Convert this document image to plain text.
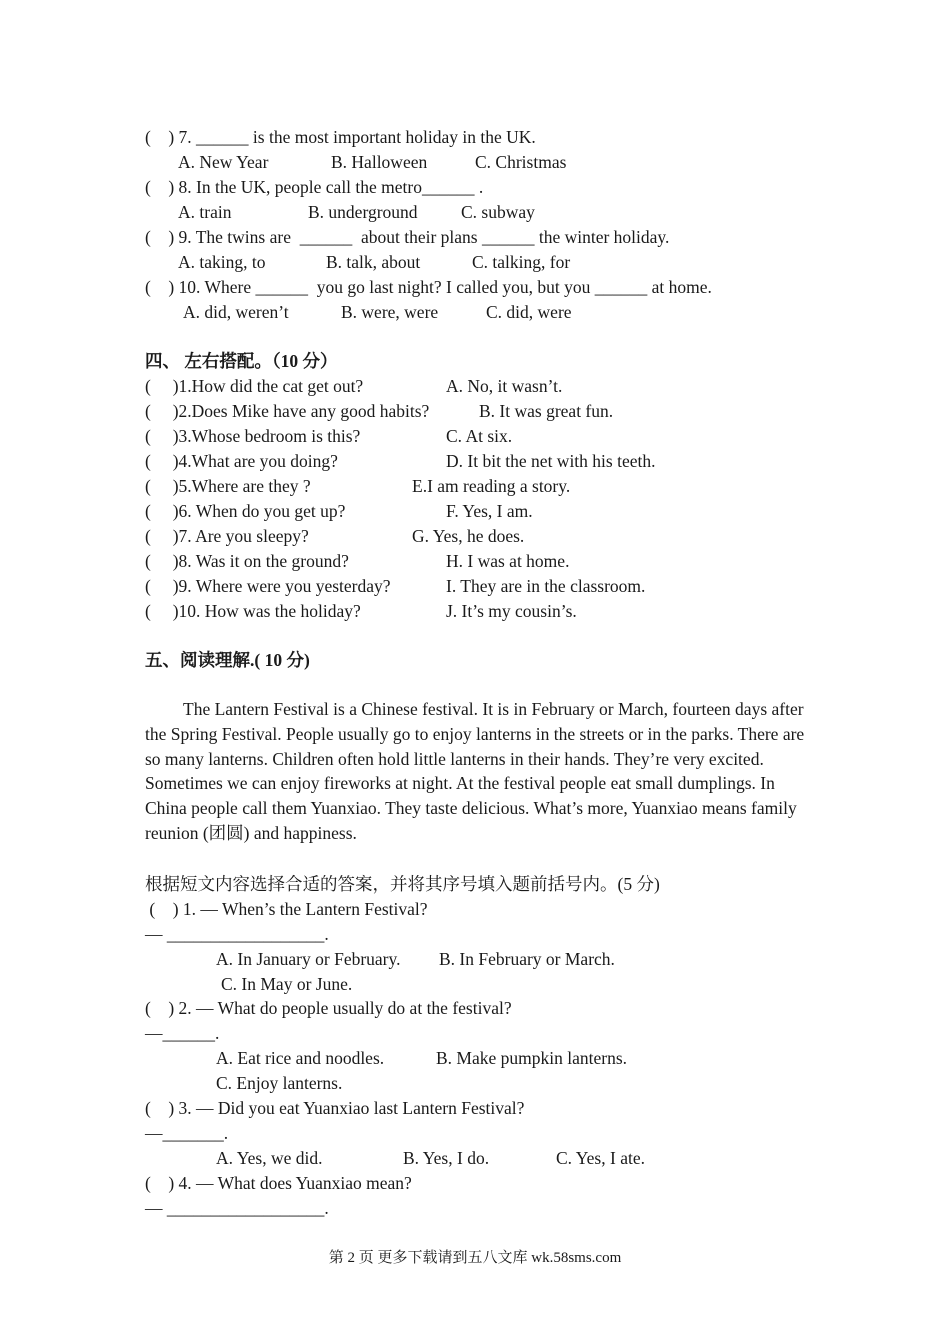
(    ) 7. ______ is the most important holiday in the UK.
A. New Year	B. Halloween	C. Christmas
(    ) 8. In the UK, people call the metro______ .
A. train	B. underground C. subway
(    ) 9. The twins are  ______  about their plans ______ the winter holiday.
A. taking, to	B. talk, about	C. talking, for
(    ) 10. Where ______  you go last night? I called you, but you ______ at home.
A. did, weren’t	B. were, were	C. did, were
四、 左右搭配。（10 分）
(     )1.How did the cat get out?	A. No, it wasn’t.
(     )2.Does Mike have any good habits?	B. It was great fun.
(     )3.Whose bedroom is this?	C. At six.
(     )4.What are you doing?	D. It bit the net with his teeth.
(     )5.Where are they ?	E.I am reading a story.
(     )6. When do you get up?	F. Yes, I am.
(     )7. Are you sleepy?	G. Yes, he does.
(     )8. Was it on the ground?	H. I was at home.
(     )9. Where were you yesterday?	I. They are in the classroom.
(     )10. How was the holiday?	J. It’s my cousin’s.
五、阅读理解.( 10 分)
The Lantern Festival is a Chinese festival. It is in February or March, fourteen days after the Spring Festival. People usually go to enjoy lanterns in the streets or in the parks. There are so many lanterns. Children often hold little lanterns in their hands. They’re very excited. Sometimes we can enjoy fireworks at night. At the festival people eat small dumplings. In China people call them Yuanxiao. They taste delicious. What’s more, Yuanxiao means family reunion (团圆) and happiness.
根据短文内容选择合适的答案，并将其序号填入题前括号内。(5 分)
(    ) 1. — When’s the Lantern Festival?
— __________________.
A. In January or February. B. In February or March.
C. In May or June.
(    ) 2. — What do people usually do at the festival?
—______.
A. Eat rice and noodles.	B. Make pumpkin lanterns.
C. Enjoy lanterns.
(    ) 3. — Did you eat Yuanxiao last Lantern Festival?
—_______.
A. Yes, we did.	B. Yes, I do.	C. Yes, I ate.
(    ) 4. — What does Yuanxiao mean?
— __________________.
第 2 页 更多下载请到五八文库 wk.58sms.com
